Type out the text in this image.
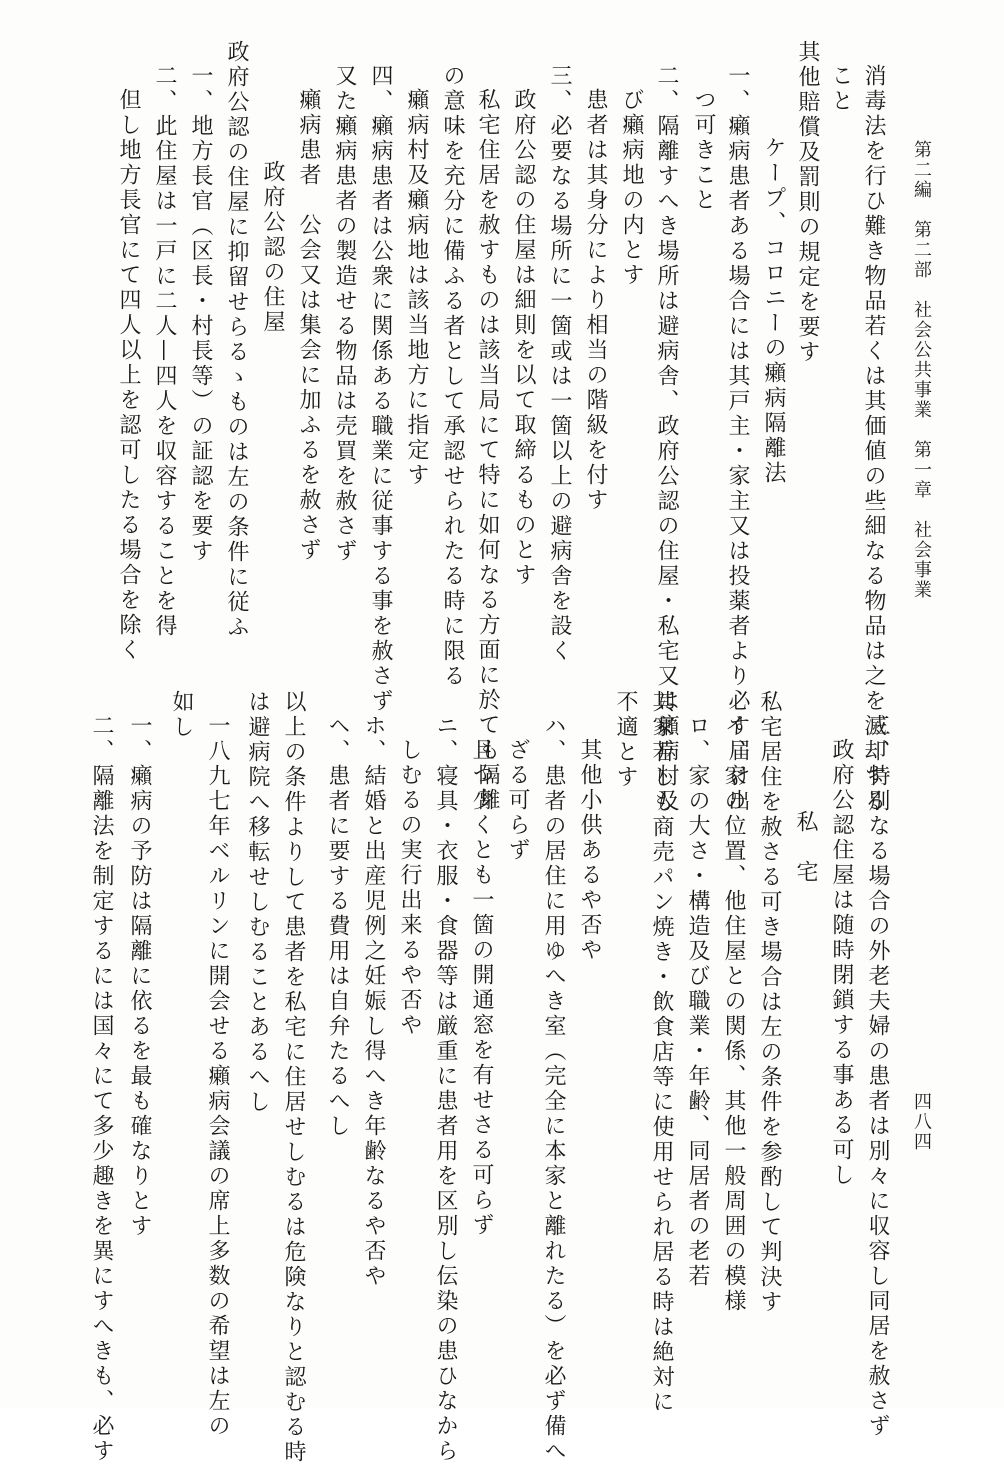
第二編　第二部　社会公共事業　第一章　社会事業
四八四
消毒法を行ひ難き物品若くは其価値の些細なる物品は之を滅却する
こと
其他賠償及罰則の規定を要す
ケープ、コロニーの癩病隔離法
一、癩病患者ある場合には其戸主・家主又は投薬者より必す届け出
つ可きこと
二、隔離すへき場所は避病舎、政府公認の住屋・私宅又は癩病村及
び癩病地の内とす
患者は其身分により相当の階級を付す
三、必要なる場所に一箇或は一箇以上の避病舎を設く
政府公認の住屋は細則を以て取締るものとす
私宅住居を赦すものは該当局にて特に如何なる方面に於ても隔離
の意味を充分に備ふる者として承認せられたる時に限る
癩病村及癩病地は該当地方に指定す
四、癩病患者は公衆に関係ある職業に従事する事を赦さず
又た癩病患者の製造せる物品は売買を赦さず
癩病患者　公会又は集会に加ふるを赦さず
政府公認の住屋
政府公認の住屋に抑留せらるゝものは左の条件に従ふ
一、地方長官（区長・村長等）の証認を要す
二、此住屋は一戸に二人—四人を収容することを得
但し地方長官にて四人以上を認可したる場合を除く
三、特別なる場合の外老夫婦の患者は別々に収容し同居を赦さず
政府公認住屋は随時閉鎖する事ある可し
私　宅
私宅居住を赦さる可き場合は左の条件を参酌して判決す
イ、家の位置、他住屋との関係、其他一般周囲の模様
ロ、家の大さ・構造及び職業・年齢、同居者の老若
其家若しも商売パン焼き・飲食店等に使用せられ居る時は絶対に
不適とす
其他小供あるや否や
ハ、患者の居住に用ゆへき室（完全に本家と離れたる）を必ず備へ
ざる可らず
且つ少くとも一箇の開通窓を有せさる可らず
ニ、寝具・衣服・食器等は厳重に患者用を区別し伝染の患ひなから
しむるの実行出来るや否や
ホ、結婚と出産児例之妊娠し得へき年齢なるや否や
ヘ、患者に要する費用は自弁たるへし
以上の条件よりして患者を私宅に住居せしむるは危険なりと認むる時
は避病院へ移転せしむることあるへし
一八九七年ベルリンに開会せる癩病会議の席上多数の希望は左の
如し
一、癩病の予防は隔離に依るを最も確なりとす
二、隔離法を制定するには国々にて多少趣きを異にすへきも、必す
